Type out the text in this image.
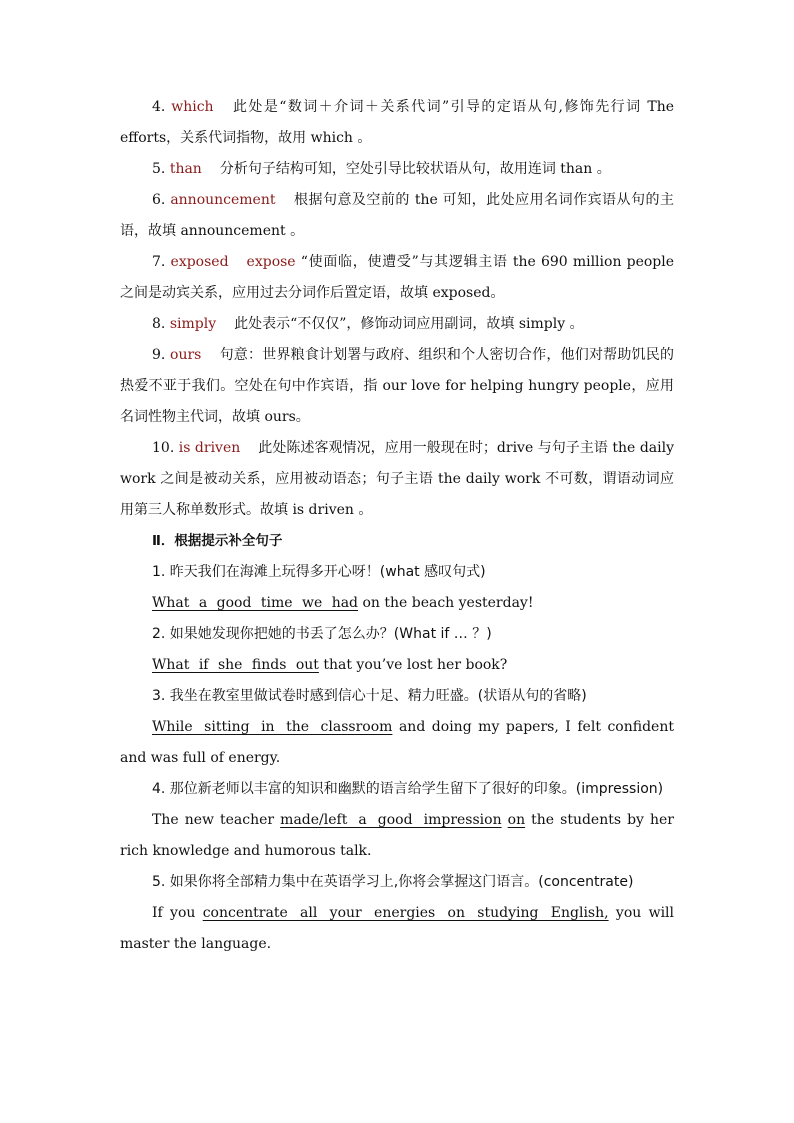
4. which 此处是“数词＋介词＋关系代词”引导的定语从句,修饰先行词 The efforts，关系代词指物，故用 which 。

5. than 分析句子结构可知，空处引导比较状语从句，故用连词 than 。

6. announcement 根据句意及空前的 the 可知，此处应用名词作宾语从句的主语，故填 announcement 。

7. exposed expose “使面临，使遭受”与其逻辑主语 the 690 million people 之间是动宾关系，应用过去分词作后置定语，故填 exposed。

8. simply 此处表示“不仅仅”，修饰动词应用副词，故填 simply 。

9. ours 句意：世界粮食计划署与政府、组织和个人密切合作，他们对帮助饥民的热爱不亚于我们。空处在句中作宾语，指 our love for helping hungry people，应用名词性物主代词，故填 ours。

10. is driven 此处陈述客观情况，应用一般现在时；drive 与句子主语 the daily work 之间是被动关系，应用被动语态；句子主语 the daily work 不可数，谓语动词应用第三人称单数形式。故填 is driven 。

Ⅱ．根据提示补全句子

1. 昨天我们在海滩上玩得多开心呀！(what 感叹句式)

What a good time we had on the beach yesterday!

2. 如果她发现你把她的书丢了怎么办？(What if … ？)

What if she finds out that you’ve lost her book?

3. 我坐在教室里做试卷时感到信心十足、精力旺盛。(状语从句的省略)

While sitting in the classroom and doing my papers, I felt confident and was full of energy.

4. 那位新老师以丰富的知识和幽默的语言给学生留下了很好的印象。(impression)

The new teacher made/left a good impression on the students by her rich knowledge and humorous talk.

5. 如果你将全部精力集中在英语学习上,你将会掌握这门语言。(concentrate)

If you concentrate all your energies on studying English, you will master the language.
